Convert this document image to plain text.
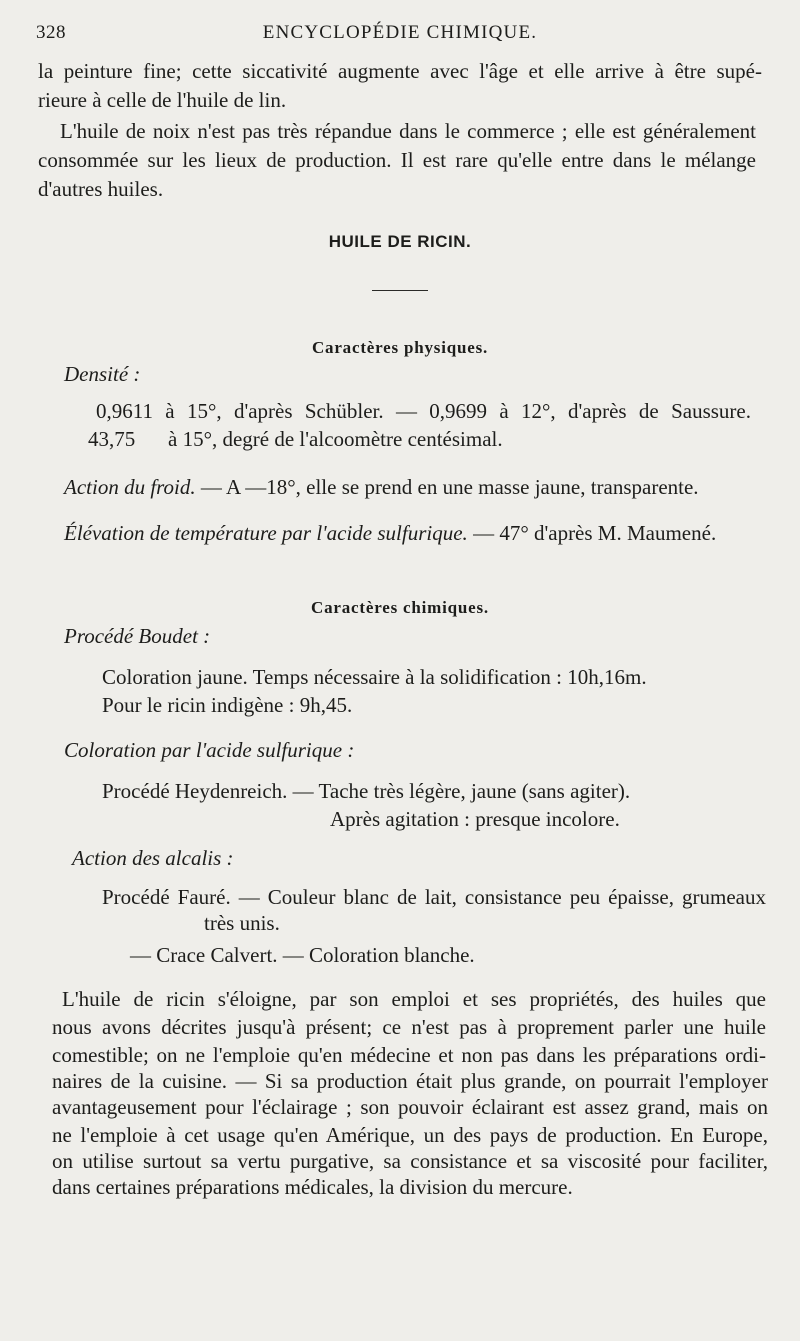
328	ENCYCLOPÉDIE CHIMIQUE.
la peinture fine; cette siccativité augmente avec l'âge et elle arrive à être supé-
rieure à celle de l'huile de lin.
L'huile de noix n'est pas très répandue dans le commerce ; elle est généralement
consommée sur les lieux de production. Il est rare qu'elle entre dans le mélange
d'autres huiles.
HUILE DE RICIN.
Caractères physiques.
Densité :
0,9611 à 15°, d'après Schübler. — 0,9699 à 12°, d'après de Saussure.
43,75 à 15°, degré de l'alcoomètre centésimal.
Action du froid. — A —18°, elle se prend en une masse jaune, transparente.
Élévation de température par l'acide sulfurique. — 47° d'après M. Maumené.
Caractères chimiques.
Procédé Boudet :
Coloration jaune. Temps nécessaire à la solidification : 10h,16m.
Pour le ricin indigène : 9h,45.
Coloration par l'acide sulfurique :
Procédé Heydenreich. — Tache très légère, jaune (sans agiter).
Après agitation : presque incolore.
Action des alcalis :
Procédé Fauré. — Couleur blanc de lait, consistance peu épaisse, grumeaux
très unis.
— Crace Calvert. — Coloration blanche.
L'huile de ricin s'éloigne, par son emploi et ses propriétés, des huiles que
nous avons décrites jusqu'à présent; ce n'est pas à proprement parler une huile
comestible; on ne l'emploie qu'en médecine et non pas dans les préparations ordi-
naires de la cuisine. — Si sa production était plus grande, on pourrait l'employer
avantageusement pour l'éclairage ; son pouvoir éclairant est assez grand, mais on
ne l'emploie à cet usage qu'en Amérique, un des pays de production. En Europe,
on utilise surtout sa vertu purgative, sa consistance et sa viscosité pour faciliter,
dans certaines préparations médicales, la division du mercure.
